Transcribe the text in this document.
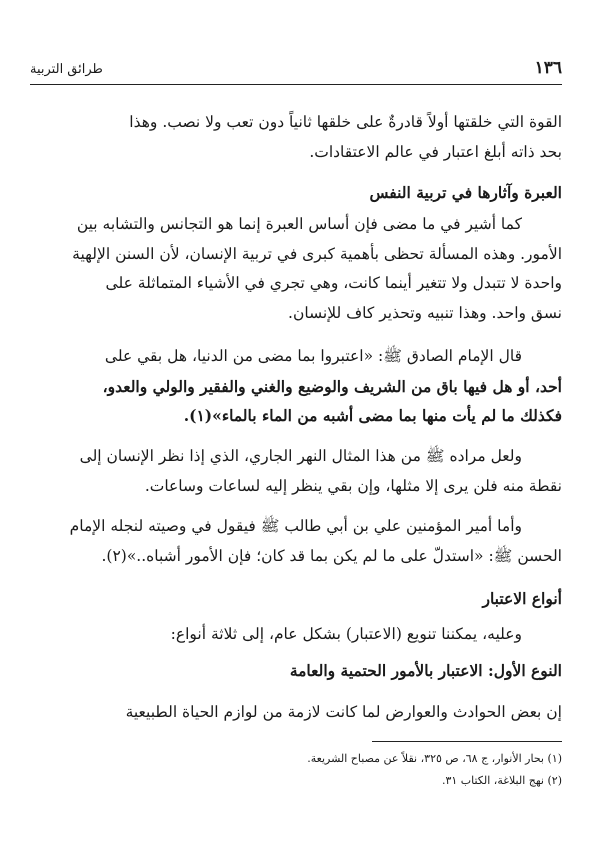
١٣٦
طرائق التربية
القوة التي خلقتها أولاً قادرةٌ على خلقها ثانياً دون تعب ولا نصب. وهذا
بحد ذاته أبلغ اعتبار في عالم الاعتقادات.
العبرة وآثارها في تربية النفس
كما أشير في ما مضى فإن أساس العبرة إنما هو التجانس والتشابه بين
الأمور. وهذه المسألة تحظى بأهمية كبرى في تربية الإنسان، لأن السنن الإلهية
واحدة لا تتبدل ولا تتغير أينما كانت، وهي تجري في الأشياء المتماثلة على
نسق واحد. وهذا تنبيه وتحذير كاف للإنسان.
قال الإمام الصادق ﷺ: «اعتبروا بما مضى من الدنيا، هل بقي على
أحد، أو هل فيها باق من الشريف والوضيع والغني والفقير والولي والعدو،
فكذلك ما لم يأت منها بما مضى أشبه من الماء بالماء»(١).
ولعل مراده ﷺ من هذا المثال النهر الجاري، الذي إذا نظر الإنسان إلى
نقطة منه فلن يرى إلا مثلها، وإن بقي ينظر إليه لساعات وساعات.
وأما أمير المؤمنين علي بن أبي طالب ﷺ فيقول في وصيته لنجله الإمام
الحسن ﷺ: «استدلّ على ما لم يكن بما قد كان؛ فإن الأمور أشباه..»(٢).
أنواع الاعتبار
وعليه، يمكننا تنويع (الاعتبار) بشكل عام، إلى ثلاثة أنواع:
النوع الأول: الاعتبار بالأمور الحتمية والعامة
إن بعض الحوادث والعوارض لما كانت لازمة من لوازم الحياة الطبيعية
(١) بحار الأنوار، ج ٦٨، ص ٣٢٥، نقلاً عن مصباح الشريعة.
(٢) نهج البلاغة، الكتاب ٣١.
